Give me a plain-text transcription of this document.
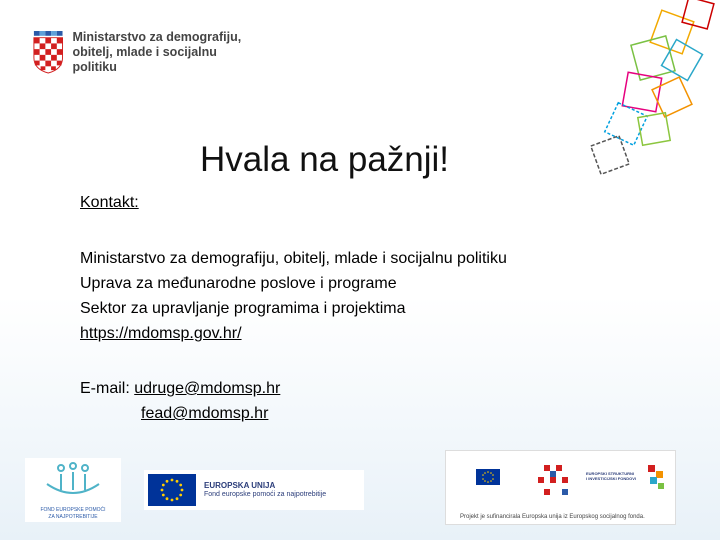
Ministarstvo za demografiju,
obitelj, mlade i socijalnu politiku
Hvala na pažnji!
Kontakt:
Ministarstvo za demografiju, obitelj, mlade i socijalnu politiku
Uprava za međunarodne poslove i programe
Sektor za upravljanje programima i projektima
https://mdomsp.gov.hr/
E-mail: udruge@mdomsp.hr
fead@mdomsp.hr
FOND EUROPSKE POMOĆI
ZA NAJPOTREBITIJE
EUROPSKA UNIJA
Fond europske pomoći za najpotrebitije
EUROPSKI STRUKTURNI
I INVESTICIJSKI FONDOVI
Projekt je sufinancirala Europska unija iz Europskog socijalnog fonda.
